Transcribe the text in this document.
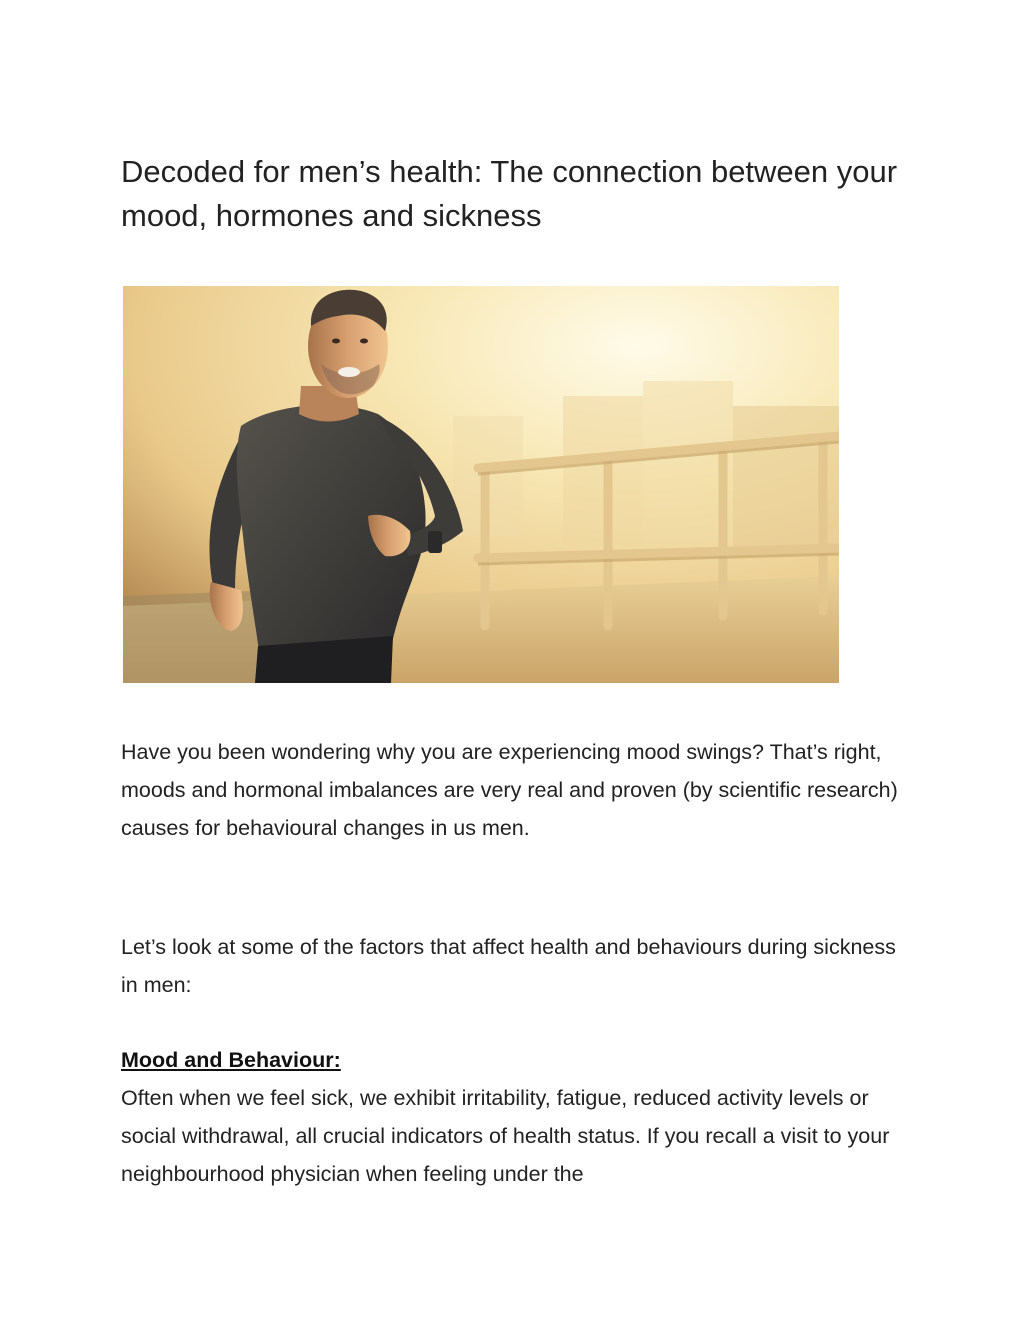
Decoded for men’s health: The connection between your mood, hormones and sickness

Have you been wondering why you are experiencing mood swings? That’s right, moods and hormonal imbalances are very real and proven (by scientific research) causes for behavioural changes in us men.

Let’s look at some of the factors that affect health and behaviours during sickness in men:

Mood and Behaviour:

Often when we feel sick, we exhibit irritability, fatigue, reduced activity levels or social withdrawal, all crucial indicators of health status. If you recall a visit to your neighbourhood physician when feeling under the
